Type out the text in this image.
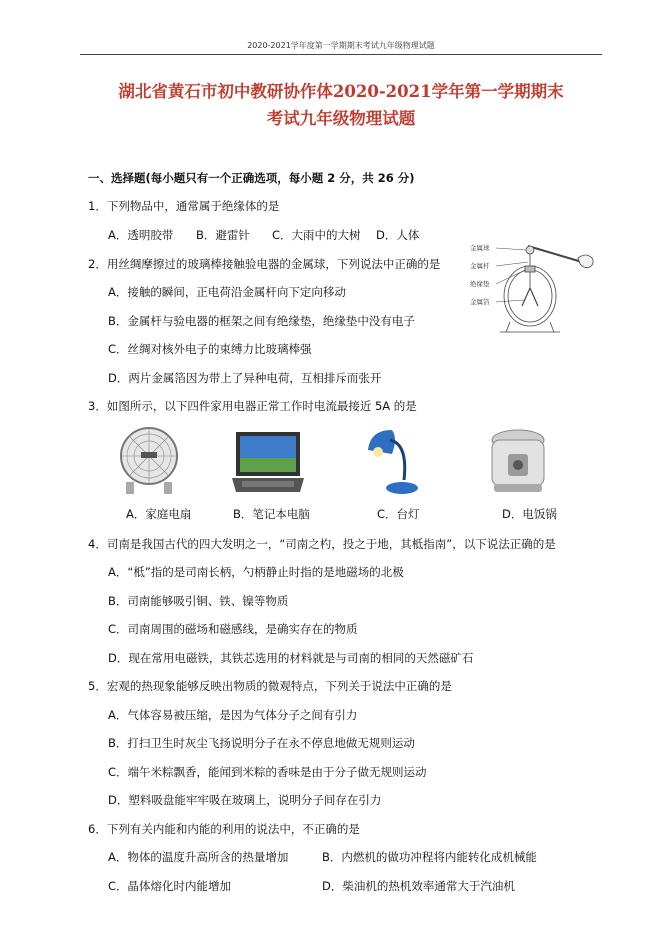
2020-2021学年度第一学期期末考试九年级物理试题
湖北省黄石市初中教研协作体2020-2021学年第一学期期末
考试九年级物理试题
一、选择题(每小题只有一个正确选项，每小题 2 分，共 26 分)
1．下列物品中，通常属于绝缘体的是
A．透明胶带 B．避雷针 C．大雨中的大树 D．人体
2．用丝绸摩擦过的玻璃棒接触验电器的金属球，下列说法中正确的是
A．接触的瞬间，正电荷沿金属杆向下定向移动
B．金属杆与验电器的框架之间有绝缘垫，绝缘垫中没有电子
C．丝绸对核外电子的束缚力比玻璃棒强
D．两片金属箔因为带上了异种电荷，互相排斥而张开
金属球
金属杆
绝缘垫
金属箔
3．如图所示，以下四件家用电器正常工作时电流最接近 5A 的是
A．家庭电扇	B．笔记本电脑	C．台灯	D．电饭锅
4．司南是我国古代的四大发明之一，“司南之杓，投之于地，其柢指南”，以下说法正确的是
A．“柢”指的是司南长柄，勺柄静止时指的是地磁场的北极
B．司南能够吸引铜、铁、镍等物质
C．司南周围的磁场和磁感线，是确实存在的物质
D．现在常用电磁铁，其铁芯选用的材料就是与司南的相同的天然磁矿石
5．宏观的热现象能够反映出物质的微观特点，下列关于说法中正确的是
A．气体容易被压缩，是因为气体分子之间有引力
B．打扫卫生时灰尘飞扬说明分子在永不停息地做无规则运动
C．端午米粽飘香，能闻到米粽的香味是由于分子做无规则运动
D．塑料吸盘能牢牢吸在玻璃上，说明分子间存在引力
6．下列有关内能和内能的利用的说法中，不正确的是
A．物体的温度升高所含的热量增加	B．内燃机的做功冲程将内能转化成机械能
C．晶体熔化时内能增加	D．柴油机的热机效率通常大于汽油机
